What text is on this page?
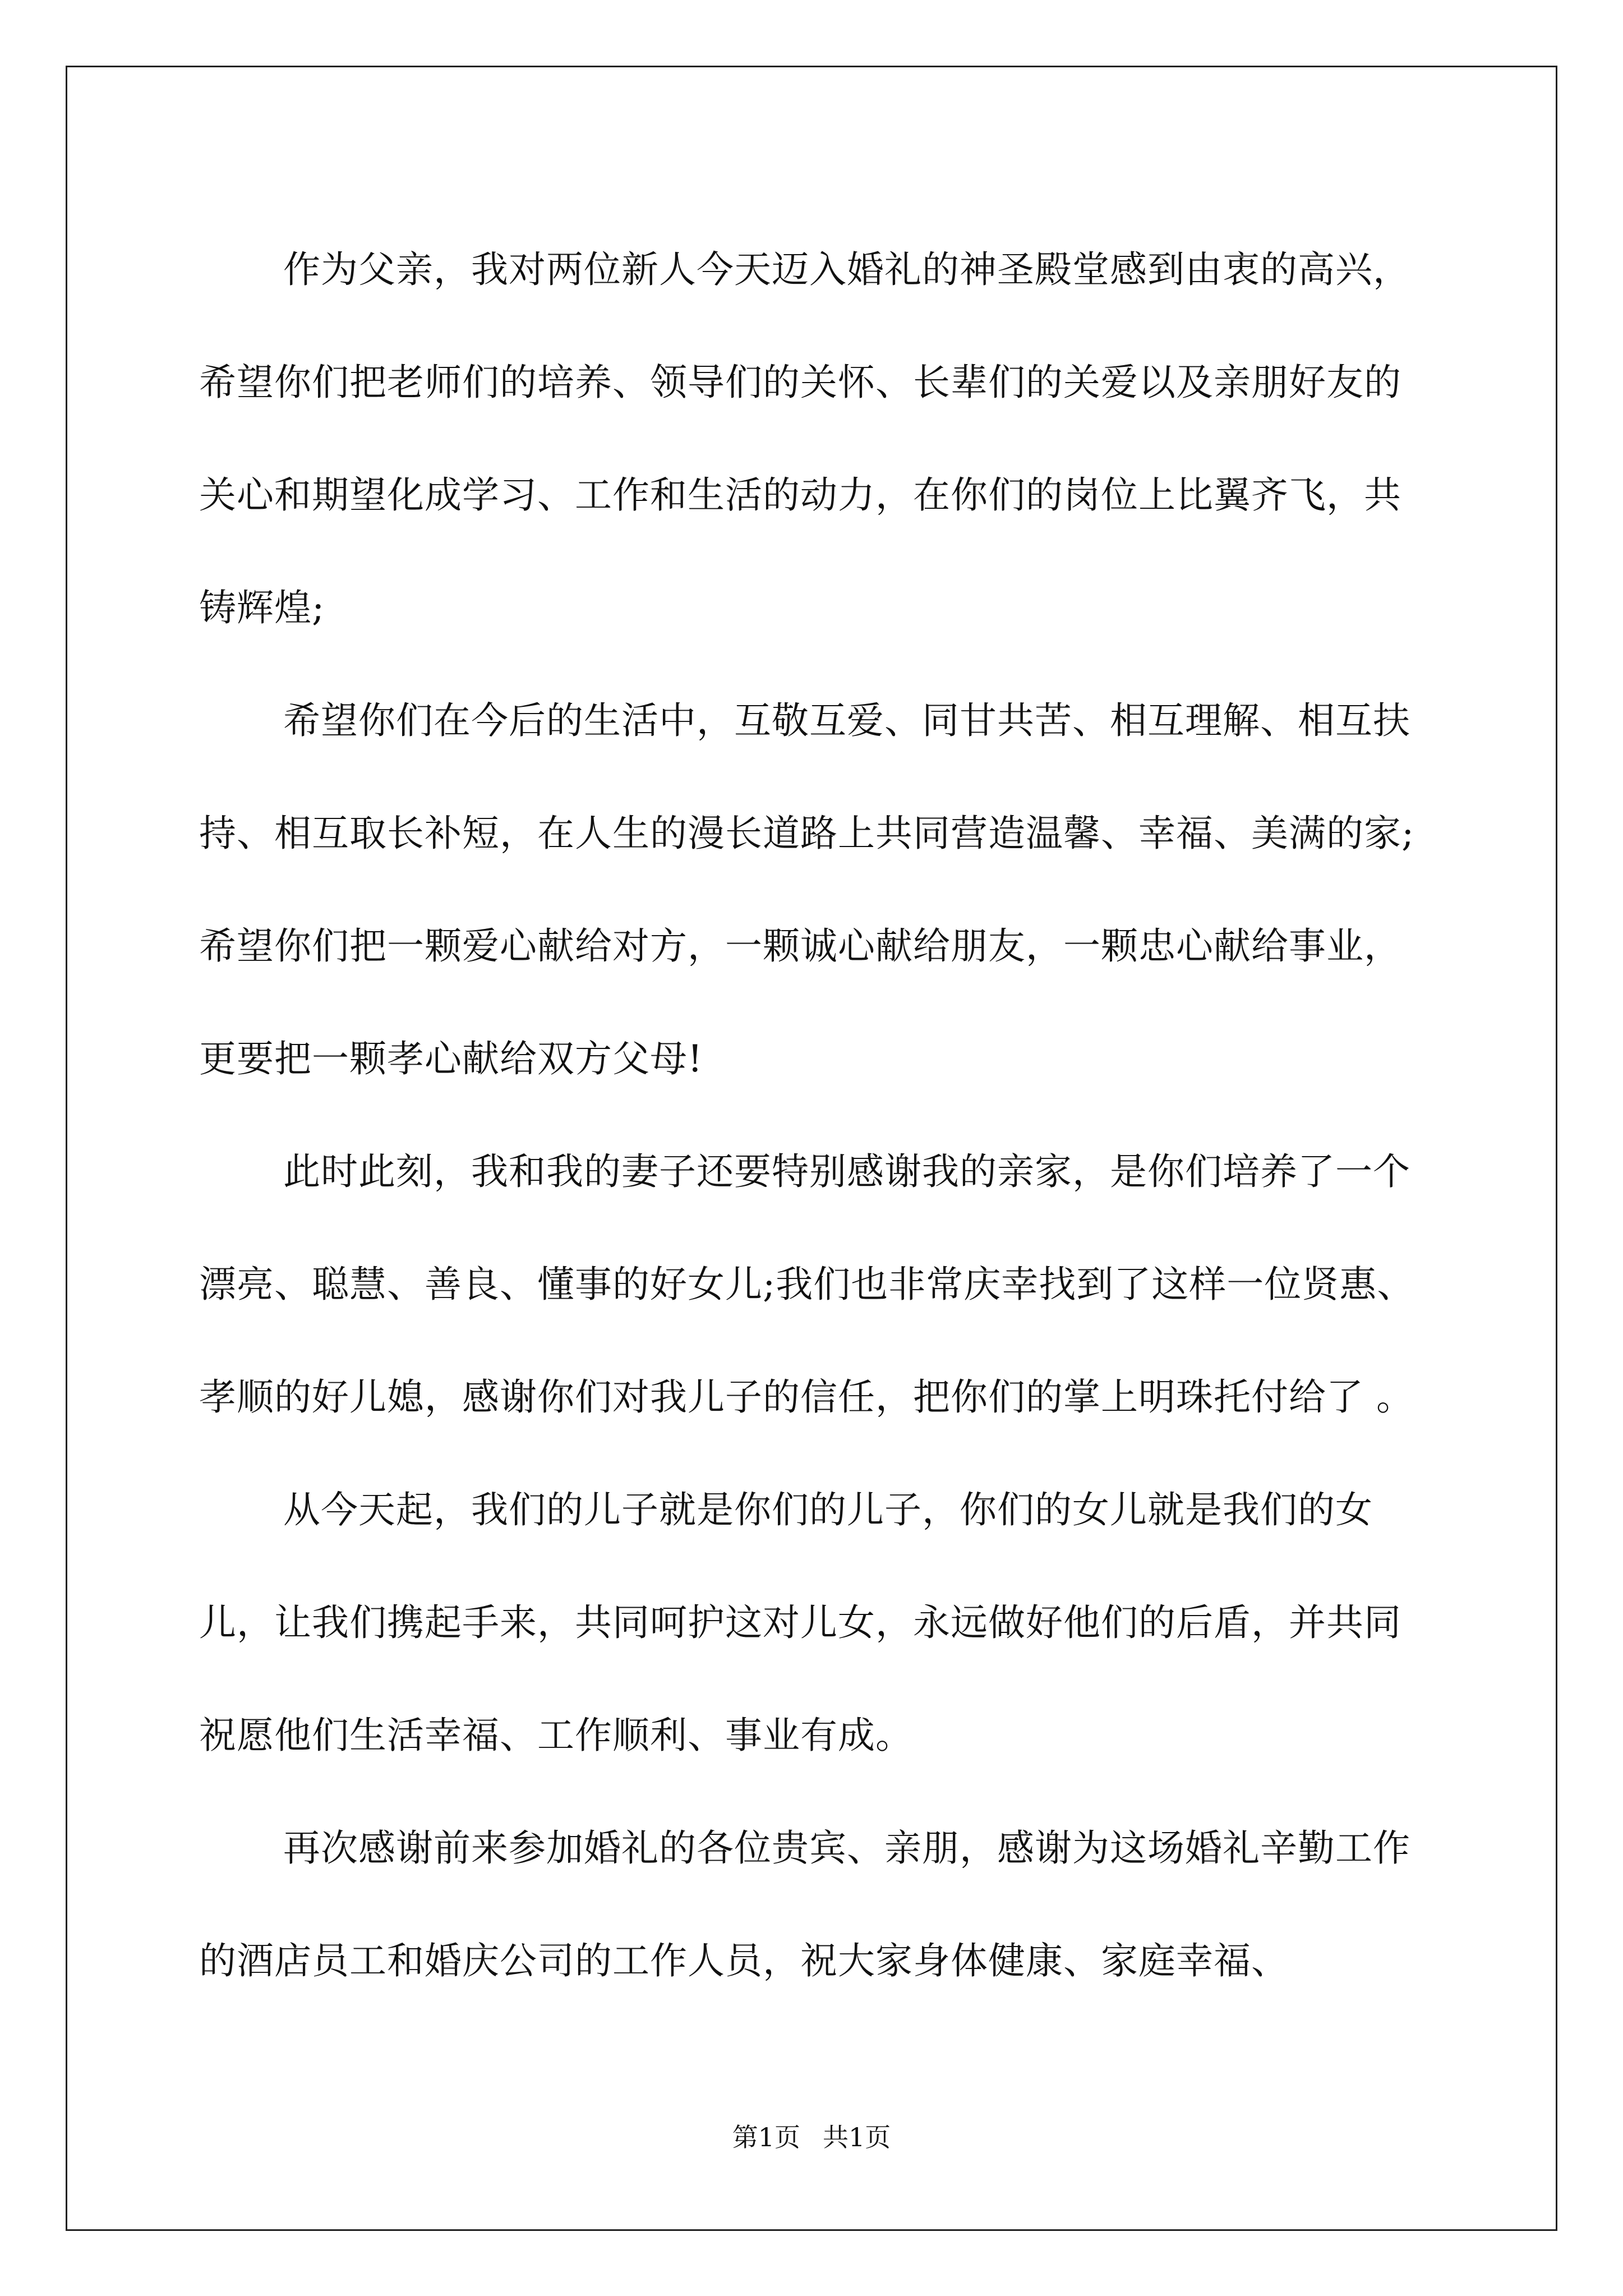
作为父亲，我对两位新人今天迈入婚礼的神圣殿堂感到由衷的高兴，希望你们把老师们的培养、领导们的关怀、长辈们的关爱以及亲朋好友的关心和期望化成学习、工作和生活的动力，在你们的岗位上比翼齐飞，共铸辉煌;

希望你们在今后的生活中，互敬互爱、同甘共苦、相互理解、相互扶持、相互取长补短，在人生的漫长道路上共同营造温馨、幸福、美满的家;希望你们把一颗爱心献给对方，一颗诚心献给朋友，一颗忠心献给事业，更要把一颗孝心献给双方父母!

此时此刻，我和我的妻子还要特别感谢我的亲家，是你们培养了一个漂亮、聪慧、善良、懂事的好女儿;我们也非常庆幸找到了这样一位贤惠、孝顺的好儿媳，感谢你们对我儿子的信任，把你们的掌上明珠托付给了 。

从今天起，我们的儿子就是你们的儿子，你们的女儿就是我们的女儿，让我们携起手来，共同呵护这对儿女，永远做好他们的后盾，并共同祝愿他们生活幸福、工作顺利、事业有成。

再次感谢前来参加婚礼的各位贵宾、亲朋，感谢为这场婚礼辛勤工作的酒店员工和婚庆公司的工作人员，祝大家身体健康、家庭幸福、

第1页 共1页
